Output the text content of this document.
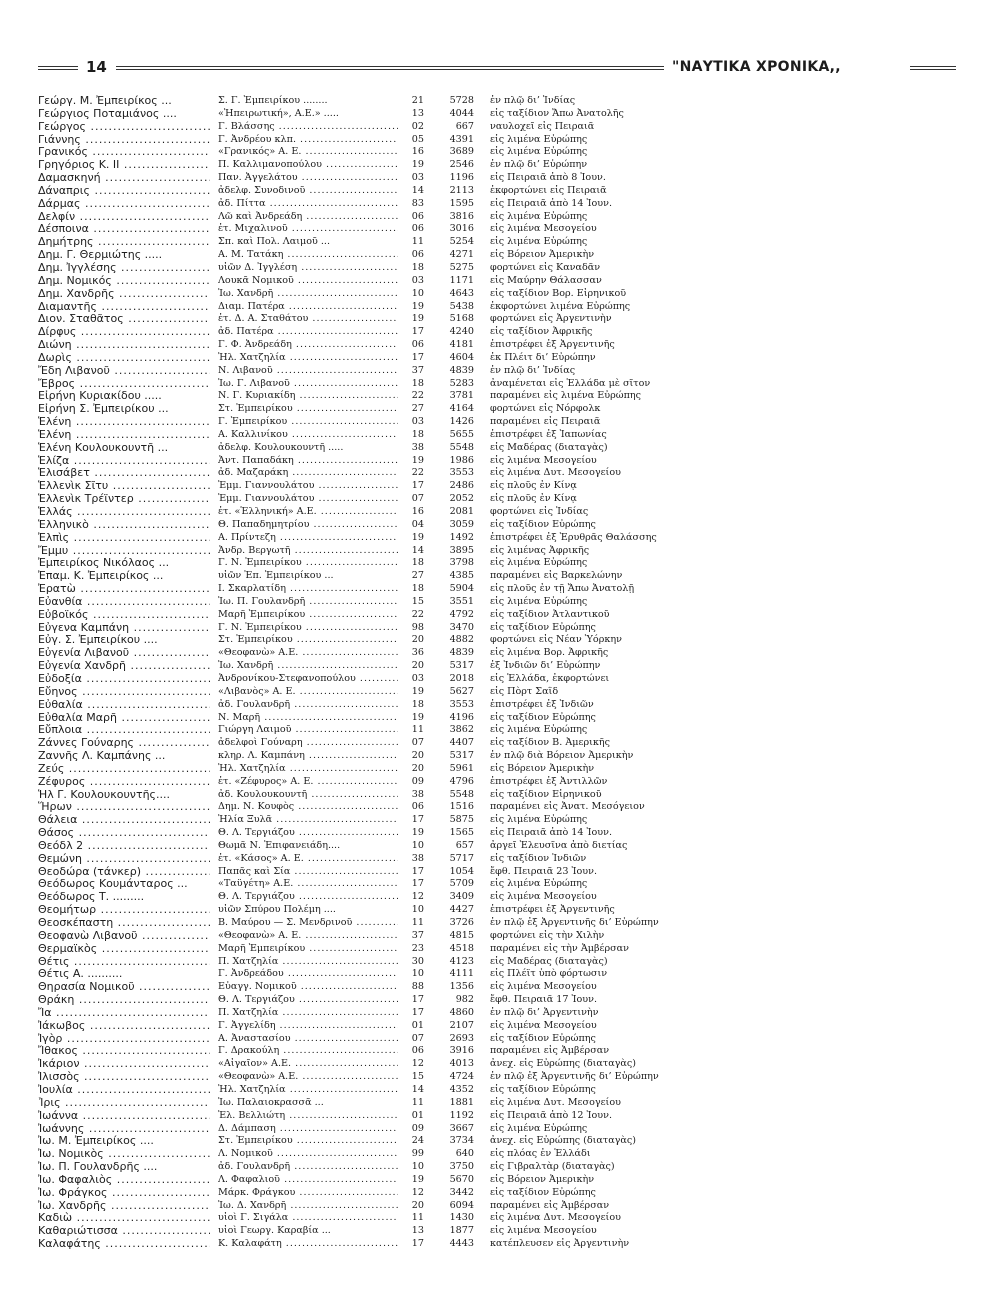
14	"ΝΑΥΤΙΚΑ ΧΡΟΝΙΚΑ,,
Γεώργ. Μ. Ἐμπειρίκος ...	Σ. Γ. Ἐμπειρίκου ........	21	5728 ἐν πλῷ δι’ Ἰνδίας
Γεώργιος Ποταμιάνος ....	«Ἠπειρωτική», Α.Ε.» .....	13	4044 εἰς ταξίδιον Ἄπω Ἀνατολῆς
Γεώργος .....	Γ. Βλάσσης .....	02	667 ναυλοχεῖ εἰς Πειραιᾶ
Γιάννης .....	Γ. Ἀνδρέου κλπ. .....	05	4391 εἰς λιμένα Εὐρώπης
Γρανικός .....	«Γρανικός» Α. Ε. .....	16	3689 εἰς λιμένα Εὐρώπης
Γρηγόριος Κ. ΙΙ .....	Π. Καλλιμανοπούλου .....	19	2546 ἐν πλῷ δι’ Εὐρώπην
Δαμασκηνή .....	Παν. Ἀγγελάτου .....	03	1196 εἰς Πειραιᾶ ἀπὸ 8 Ἰουν.
Δάναπρις .....	ἀδελφ. Συνοδινοῦ .....	14	2113 ἐκφορτώνει εἰς Πειραιᾶ
Δάρμας .....	ἀδ. Πίττα .....	83	1595 εἰς Πειραιᾶ ἀπὸ 14 Ἰουν.
Δελφίν .....	Λῶ καὶ Ἀνδρεάδη .....	06	3816 εἰς λιμένα Εὐρώπης
Δέσποινα .....	ἐτ. Μιχαλινοῦ .....	06	3016 εἰς λιμένα Μεσογείου
Δημήτρης .....	Σπ. καὶ Πολ. Λαιμοῦ ...	11	5254 εἰς λιμένα Εὐρώπης
Δημ. Γ. Θερμιώτης .....	Α. Μ. Τατάκη .....	06	4271 εἰς Βόρειον Ἀμερικὴν
Δημ. Ἰγγλέσης .....	υἱῶν Δ. Ἰγγλέση .....	18	5275 φορτώνει εἰς Καναδᾶν
Δημ. Νομικός .....	Λουκᾶ Νομικοῦ .....	03	1171 εἰς Μαύρην Θάλασσαν
Δημ. Χανδρῆς .....	Ἰω. Χανδρῆ .....	10	4643 εἰς ταξίδιον Βορ. Εἰρηνικοῦ
Διαμαντῆς .....	Διαμ. Πατέρα .....	19	5438 ἐκφορτώνει λιμένα Εὐρώπης
Διον. Σταθᾶτος .....	ἐτ. Δ. Α. Σταθάτου .....	19	5168 φορτώνει εἰς Ἀργεντινὴν
Δίρφυς .....	ἀδ. Πατέρα .....	17	4240 εἰς ταξίδιον Ἀφρικῆς
Διώνη .....	Γ. Φ. Ἀνδρεάδη .....	06	4181 ἐπιστρέφει ἐξ Ἀργεντινῆς
Δωρὶς .....	Ἠλ. Χατζηλία .....	17	4604 ἐκ Πλέιτ δι’ Εὐρώπην
Ἔδη Λιβανοῦ .....	Ν. Λιβανοῦ .....	37	4839 ἐν πλῷ δι’ Ἰνδίας
Ἔβρος .....	Ἰω. Γ. Λιβανοῦ .....	18	5283 ἀναμένεται εἰς Ἑλλάδα μὲ σῖτον
Εἰρήνη Κυριακίδου .....	Ν. Γ. Κυριακίδη .....	22	3781 παραμένει εἰς λιμένα Εὐρώπης
Εἰρήνη Σ. Ἐμπειρίκου ...	Στ. Ἐμπειρίκου .....	27	4164 φορτώνει εἰς Νόρφολκ
Ἑλένη .....	Γ. Ἐμπειρίκου .....	03	1426 παραμένει εἰς Πειραιᾶ
Ἑλένη .....	Α. Καλλινίκου .....	18	5655 ἐπιστρέφει ἐξ Ἰαπωνίας
Ἑλένη Κουλουκουντῆ ...	ἀδελφ. Κουλουκουντῆ .....	38	5548 εἰς Μαδέρας (διαταγὰς)
Ἑλίζα .....	Ἀντ. Παπαδάκη .....	19	1986 εἰς λιμένα Μεσογείου
Ἑλισάβετ .....	ἀδ. Μαζαράκη .....	22	3553 εἰς λιμένα Δυτ. Μεσογείου
Ἑλλενὶκ Σῖτυ .....	Ἐμμ. Γιαννουλάτου .....	17	2486 εἰς πλοῦς ἐν Κίνᾳ
Ἑλλενὶκ Τρέϊντερ .....	Ἐμμ. Γιαννουλάτου .....	07	2052 εἰς πλοῦς ἐν Κίνᾳ
Ἑλλάς .....	ἐτ. «Ἑλληνική» Α.Ε. .....	16	2081 φορτώνει εἰς Ἰνδίας
Ἑλληνικὸ .....	Θ. Παπαδημητρίου .....	04	3059 εἰς ταξίδιον Εὐρώπης
Ἐλπὶς .....	Α. Πρίντεζη .....	19	1492 ἐπιστρέφει ἐξ Ἐρυθρᾶς Θαλάσσης
Ἔμμυ .....	Ἀνδρ. Βεργωτῆ .....	14	3895 εἰς λιμένας Ἀφρικῆς
Ἐμπειρίκος Νικόλαος ...	Γ. Ν. Ἐμπειρίκου .....	18	3798 εἰς λιμένα Εὐρώπης
Ἐπαμ. Κ. Ἐμπειρίκος ...	υἱῶν Ἐπ. Ἐμπειρίκου ...	27	4385 παραμένει εἰς Βαρκελώνην
Ἐρατὼ .....	Ι. Σκαρλατίδη .....	18	5904 εἰς πλοῦς ἐν τῇ Ἄπω Ἀνατολῇ
Εὐανθία .....	Ἰω. Π. Γουλανδρῆ .....	15	3551 εἰς λιμένα Εὐρώπης
Εὐβοϊκός .....	Μαρῆ Ἐμπειρίκου .....	22	4792 εἰς ταξίδιον Ἀτλαντικοῦ
Εὐγενα Καμπάνη .....	Γ. Ν. Ἐμπειρίκου .....	98	3470 εἰς ταξίδιον Εὐρώπης
Εὐγ. Σ. Ἐμπειρίκου ....	Στ. Ἐμπειρίκου .....	20	4882 φορτώνει εἰς Νέαν Ὑόρκην
Εὐγενία Λιβανοῦ .....	«Θεοφανὼ» Α.Ε. .....	36	4839 εἰς λιμένα Βορ. Ἀφρικῆς
Εὐγενία Χανδρῆ .....	Ἰω. Χανδρῆ .....	20	5317 ἐξ Ἰνδιῶν δι’ Εὐρώπην
Εὐδοξία .....	Ἀνδρονίκου-Στεφανοπούλου .....	03	2018 εἰς Ἑλλάδα, ἐκφορτώνει
Εὔηνος .....	«Λιβανὸς» Α. Ε. .....	19	5627 εἰς Πὸρτ Σαΐδ
Εὐθαλία .....	ἀδ. Γουλανδρῆ .....	18	3553 ἐπιστρέφει ἐξ Ἰνδιῶν
Εὐθαλία Μαρῆ .....	Ν. Μαρῆ .....	19	4196 εἰς ταξίδιον Εὐρώπης
Εὔπλοια .....	Γιώργη Λαιμοῦ .....	11	3862 εἰς λιμένα Εὐρώπης
Ζάννες Γούναρης .....	ἀδελφοὶ Γούναρη .....	07	4407 εἰς ταξίδιον Β. Ἀμερικῆς
Ζαννῆς Λ. Καμπάνης ...	κληρ. Λ. Καμπάνη .....	20	5317 ἐν πλῷ διὰ Βόρειον Ἀμερικὴν
Ζεύς .....	Ἠλ. Χατζηλία .....	20	5961 εἰς Βόρειον Ἀμερικὴν
Ζέφυρος .....	ἐτ. «Ζέφυρος» Α. Ε. .....	09	4796 ἐπιστρέφει ἐξ Ἀντιλλῶν
Ἡλ Γ. Κουλουκουντῆς....	ἀδ. Κουλουκουντῆ .....	38	5548 εἰς ταξίδιον Εἰρηνικοῦ
Ἥρων .....	Δημ. Ν. Κουφὸς .....	06	1516 παραμένει εἰς Ἀνατ. Μεσόγειον
Θάλεια .....	Ἠλία Ξυλᾶ .....	17	5875 εἰς λιμένα Εὐρώπης
Θάσος .....	Θ. Λ. Τεργιάζου .....	19	1565 εἰς Πειραιᾶ ἀπὸ 14 Ἰουν.
Θεόδλ 2 .....	Θωμᾶ Ν. Ἐπιφανειάδη....	10	657 ἀργεῖ Ἐλευσῖνα ἀπὸ διετίας
Θεμώνη .....	ἐτ. «Κάσος» Α. Ε. .....	38	5717 εἰς ταξίδιον Ἰνδιῶν
Θεοδώρα (τάνκερ) .....	Παπᾶς καὶ Σία .....	17	1054 ἔφθ. Πειραιᾶ 23 Ἰουν.
Θεόδωρος Κουμάνταρος ...	«Ταϋγέτη» Α.Ε. .....	17	5709 εἰς λιμένα Εὐρώπης
Θεόδωρος Τ. .........	Θ. Λ. Τεργιάζου .....	12	3409 εἰς λιμένα Μεσογείου
Θεομήτωρ .....	υἱῶν Σπύρου Πολέμη ....	10	4427 ἐπιστρέφει ἐξ Ἀργεντινῆς
Θεοσκέπαστη .....	Β. Μαύρου — Σ. Μενδρινοῦ .....	11	3726 ἐν πλῷ ἐξ Ἀργεντινῆς δι’ Εὐρώπην
Θεοφανὼ Λιβανοῦ .....	«Θεοφανὼ» Α. Ε. .....	37	4815 φορτώνει εἰς τὴν Χιλὴν
Θερμαϊκὸς .....	Μαρῆ Ἐμπειρίκου .....	23	4518 παραμένει εἰς τὴν Ἀμβέρσαν
Θέτις .....	Π. Χατζηλία .....	30	4123 εἰς Μαδέρας (διαταγὰς)
Θέτις Α. ..........	Γ. Ἀνδρεάδου .....	10	4111 εἰς Πλέϊτ ὑπὸ φόρτωσιν
Θηρασία Νομικοῦ .....	Εὐαγγ. Νομικοῦ .....	88	1356 εἰς λιμένα Μεσογείου
Θράκη .....	Θ. Λ. Τεργιάζου .....	17	982 ἔφθ. Πειραιᾶ 17 Ἰουν.
Ἴα .....	Π. Χατζηλία .....	17	4860 ἐν πλῷ δι’ Ἀργεντινὴν
Ἰάκωβος .....	Γ. Ἀγγελίδη .....	01	2107 εἰς λιμένα Μεσογείου
Ἰγὸρ .....	Α. Ἀναστασίου .....	07	2693 εἰς ταξίδιον Εὐρώπης
Ἴθακος .....	Γ. Δρακούλη .....	06	3916 παραμένει εἰς Ἀμβέρσαν
Ἰκάριον .....	«Αἰγαῖον» Α.Ε. .....	12	4013 ἀνεχ. εἰς Εὐρώπης (διαταγὰς)
Ἰλισσὸς .....	«Θεοφανὼ» Α.Ε. .....	15	4724 ἐν πλῷ ἐξ Ἀργεντινῆς δι’ Εὐρώπην
Ἰουλία .....	Ἠλ. Χατζηλία .....	14	4352 εἰς ταξίδιον Εὐρώπης
Ἶρις .....	Ἰω. Παλαιοκρασσᾶ ...	11	1881 εἰς λιμένα Δυτ. Μεσογείου
Ἰωάννα .....	Ἐλ. Βελλιώτη .....	01	1192 εἰς Πειραιᾶ ἀπὸ 12 Ἰουν.
Ἰωάννης .....	Δ. Δάμπαση .....	09	3667 εἰς λιμένα Εὐρώπης
Ἰω. Μ. Ἐμπειρίκος ....	Στ. Ἐμπειρίκου .....	24	3734 ἀνεχ. εἰς Εὐρώπης (διαταγὰς)
Ἰω. Νομικὸς .....	Λ. Νομικοῦ .....	99	640 εἰς πλόας ἐν Ἑλλάδι
Ἰω. Π. Γουλανδρῆς ....	ἀδ. Γουλανδρῆ .....	10	3750 εἰς Γιβραλτὰρ (διαταγὰς)
Ἰω. Φαφαλιὸς .....	Λ. Φαφαλιοῦ .....	19	5670 εἰς Βόρειον Ἀμερικὴν
Ἰω. Φράγκος .....	Μάρκ. Φράγκου .....	12	3442 εἰς ταξίδιον Εὐρώπης
Ἰω. Χανδρῆς .....	Ἰω. Δ. Χανδρῆ .....	20	6094 παραμένει εἰς Ἀμβέρσαν
Καδιὼ .....	υἱοὶ Γ. Σιγάλα .....	11	1430 εἰς λιμένα Δυτ. Μεσογείου
Καθαριώτισσα .....	υἱοὶ Γεωργ. Καραβία ...	13	1877 εἰς λιμένα Μεσογείου
Καλαφάτης .....	Κ. Καλαφάτη .....	17	4443 κατέπλευσεν εἰς Ἀργεντινὴν
